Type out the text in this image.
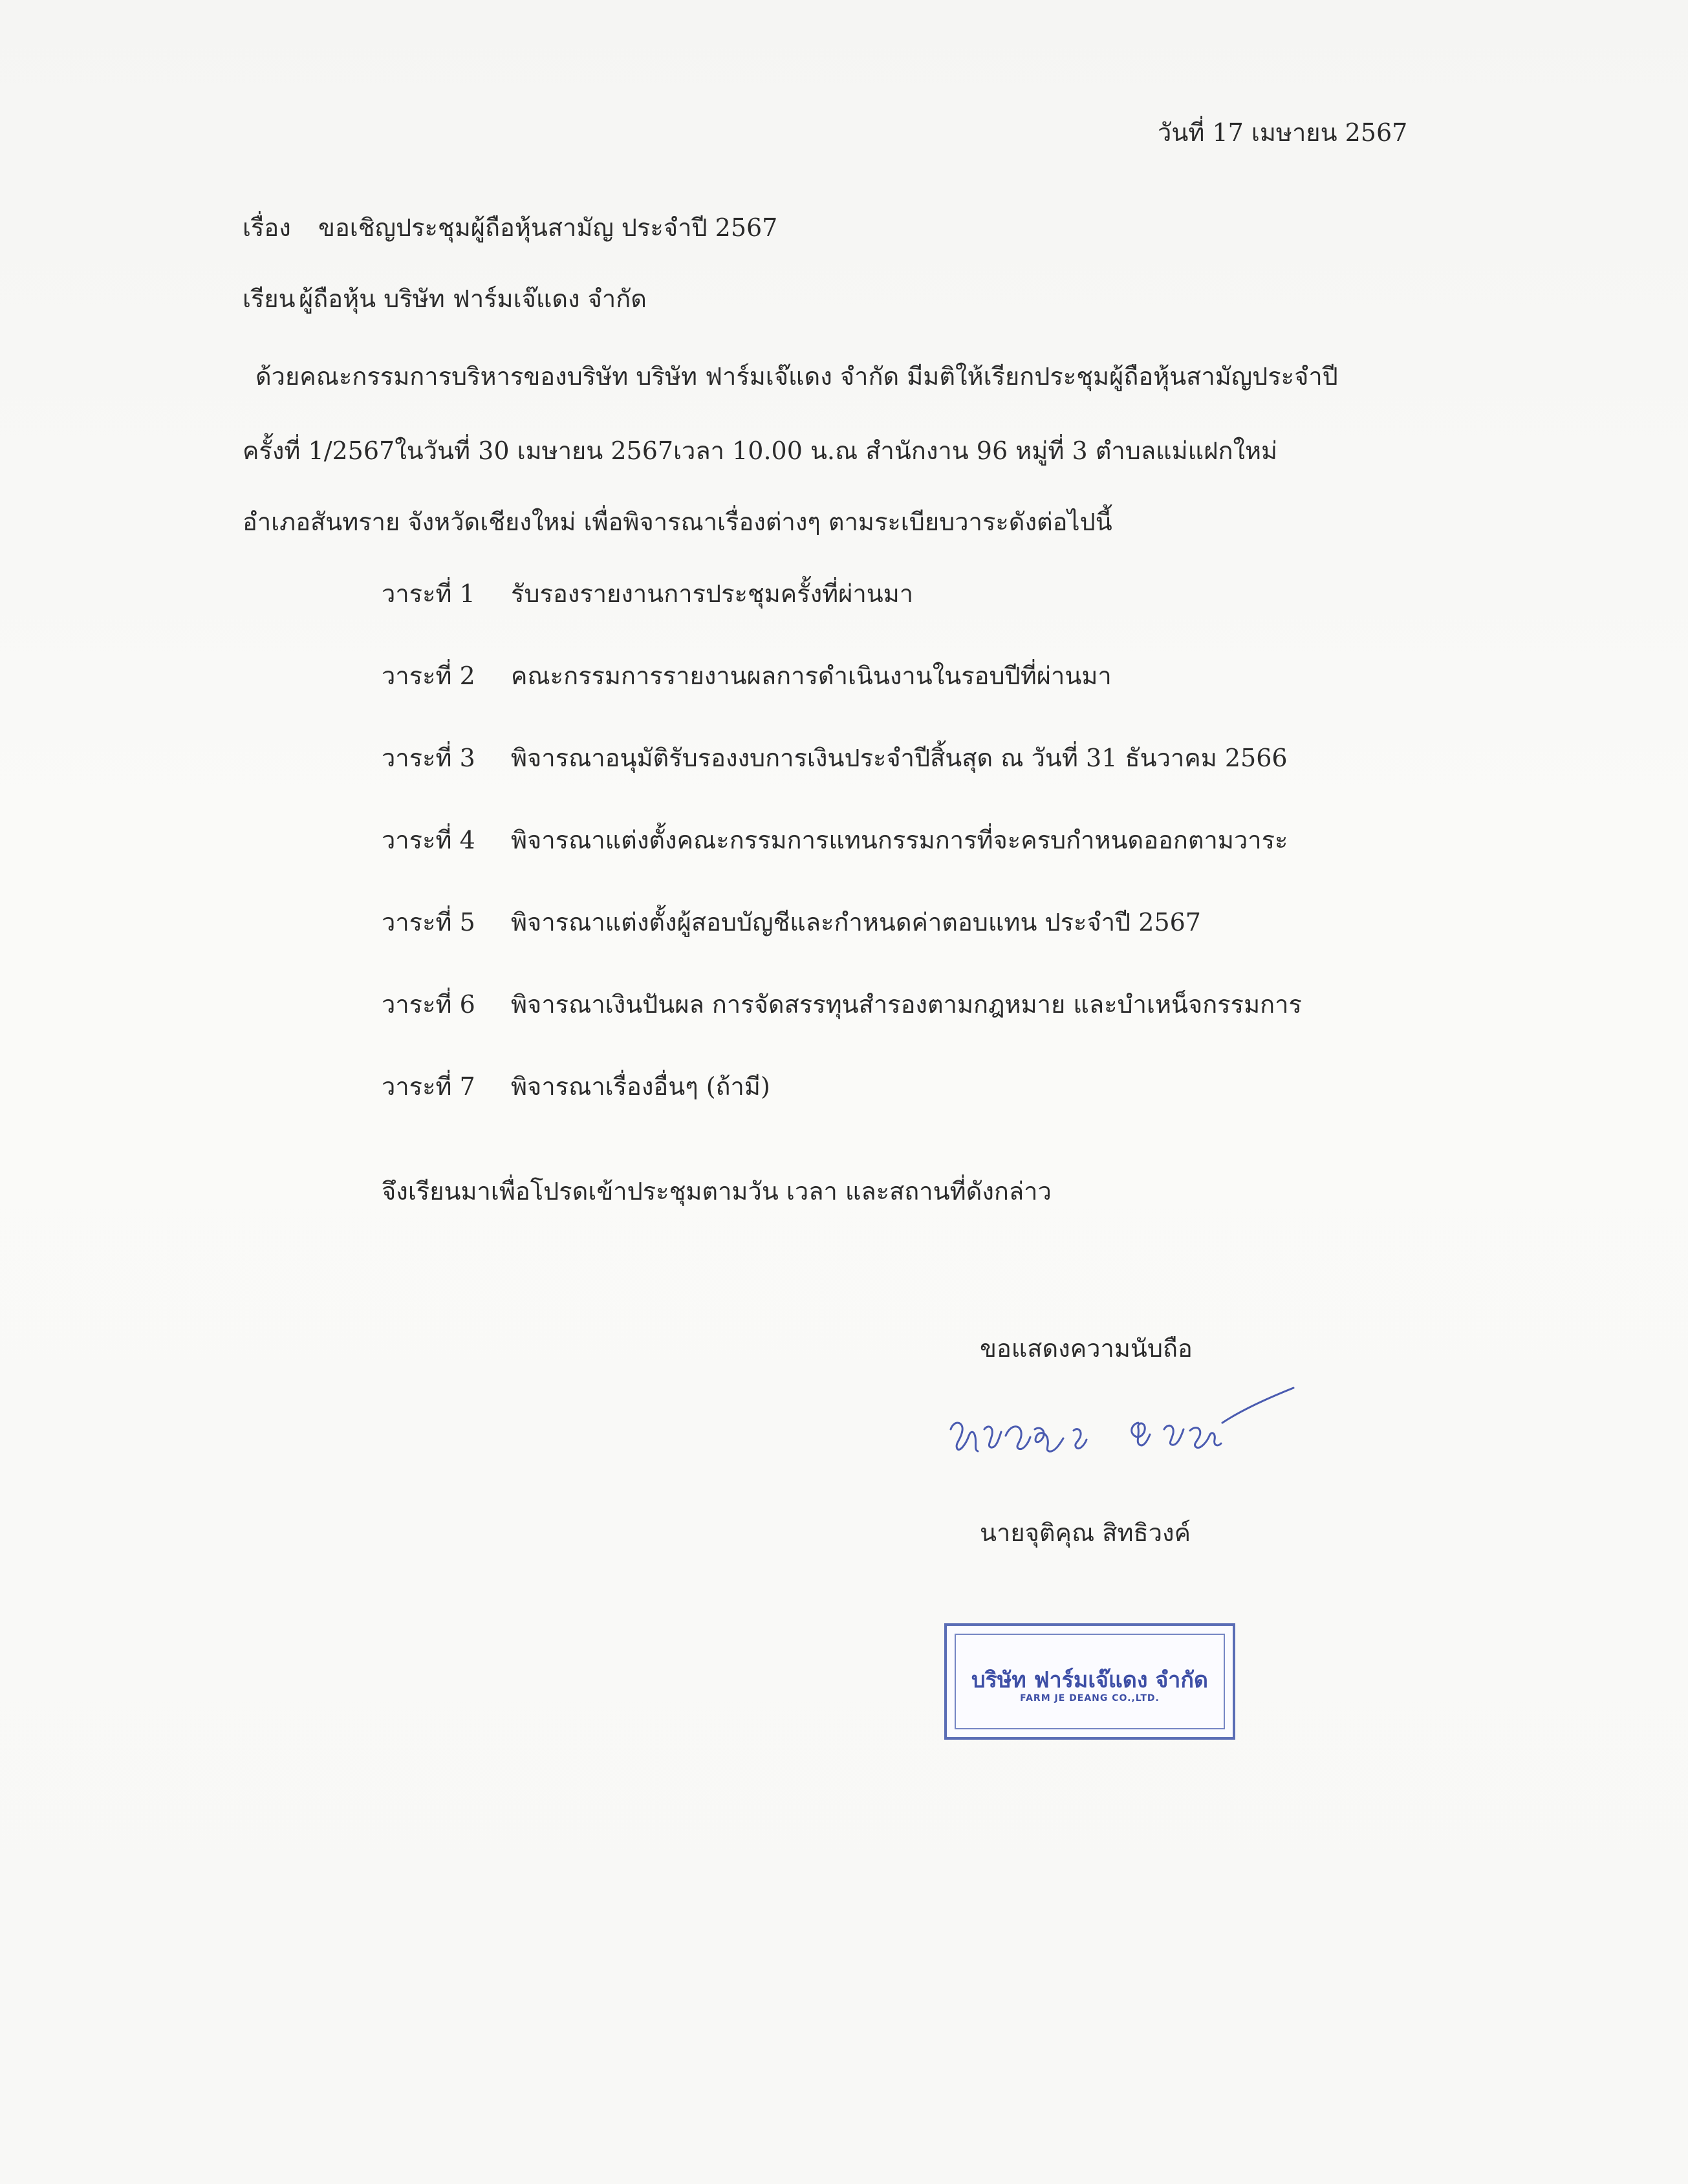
วันที่ 17 เมษายน 2567
เรื่อง ขอเชิญประชุมผู้ถือหุ้นสามัญ ประจำปี 2567
เรียน ผู้ถือหุ้น บริษัท ฟาร์มเจ๊แดง จำกัด
ด้วยคณะกรรมการบริหารของบริษัท บริษัท ฟาร์มเจ๊แดง จำกัด มีมติให้เรียกประชุมผู้ถือหุ้นสามัญประจำปี
ครั้งที่ 1/2567ในวันที่ 30 เมษายน 2567เวลา 10.00 น.ณ สำนักงาน 96 หมู่ที่ 3 ตำบลแม่แฝกใหม่
อำเภอสันทราย จังหวัดเชียงใหม่ เพื่อพิจารณาเรื่องต่างๆ ตามระเบียบวาระดังต่อไปนี้
วาระที่ 1 รับรองรายงานการประชุมครั้งที่ผ่านมา
วาระที่ 2 คณะกรรมการรายงานผลการดำเนินงานในรอบปีที่ผ่านมา
วาระที่ 3 พิจารณาอนุมัติรับรองงบการเงินประจำปีสิ้นสุด ณ วันที่ 31 ธันวาคม 2566
วาระที่ 4 พิจารณาแต่งตั้งคณะกรรมการแทนกรรมการที่จะครบกำหนดออกตามวาระ
วาระที่ 5 พิจารณาแต่งตั้งผู้สอบบัญชีและกำหนดค่าตอบแทน ประจำปี 2567
วาระที่ 6 พิจารณาเงินปันผล การจัดสรรทุนสำรองตามกฎหมาย และบำเหน็จกรรมการ
วาระที่ 7 พิจารณาเรื่องอื่นๆ (ถ้ามี)
จึงเรียนมาเพื่อโปรดเข้าประชุมตามวัน เวลา และสถานที่ดังกล่าว
ขอแสดงความนับถือ
นายจุติคุณ สิทธิวงค์
บริษัท ฟาร์มเจ๊แดง จำกัด
FARM JE DEANG CO.,LTD.
